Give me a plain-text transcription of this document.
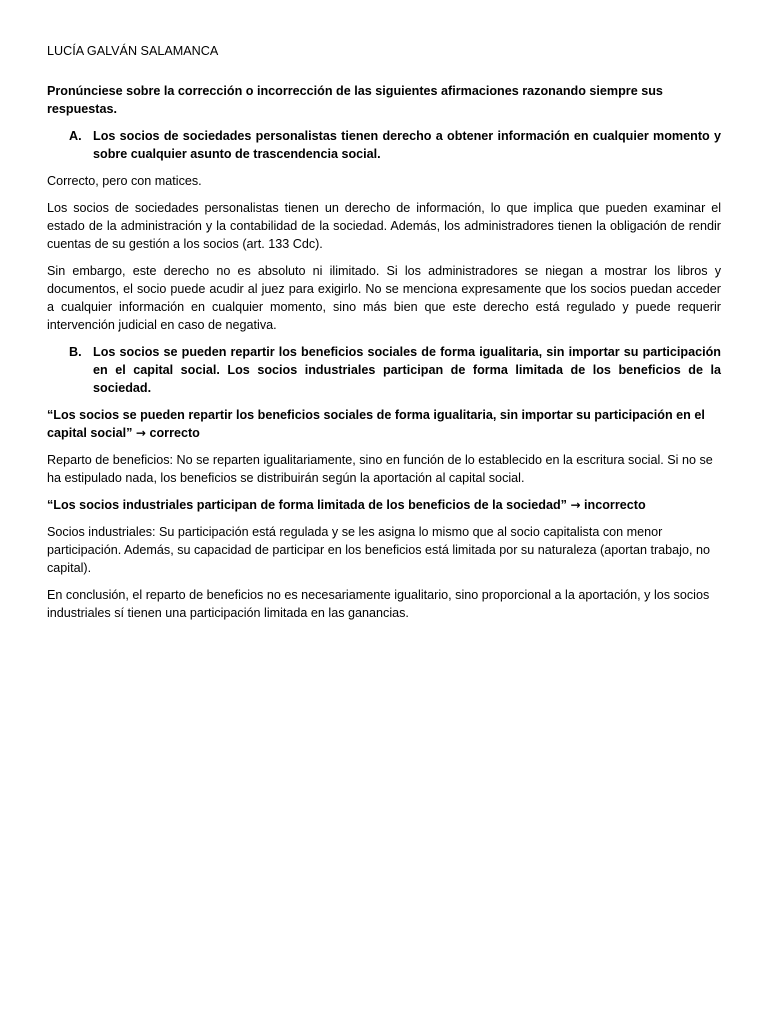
LUCÍA GALVÁN SALAMANCA

Pronúnciese sobre la corrección o incorrección de las siguientes afirmaciones razonando siempre sus respuestas.

A. Los socios de sociedades personalistas tienen derecho a obtener información en cualquier momento y sobre cualquier asunto de trascendencia social.

Correcto, pero con matices.

Los socios de sociedades personalistas tienen un derecho de información, lo que implica que pueden examinar el estado de la administración y la contabilidad de la sociedad. Además, los administradores tienen la obligación de rendir cuentas de su gestión a los socios (art. 133 Cdc).

Sin embargo, este derecho no es absoluto ni ilimitado. Si los administradores se niegan a mostrar los libros y documentos, el socio puede acudir al juez para exigirlo. No se menciona expresamente que los socios puedan acceder a cualquier información en cualquier momento, sino más bien que este derecho está regulado y puede requerir intervención judicial en caso de negativa.

B. Los socios se pueden repartir los beneficios sociales de forma igualitaria, sin importar su participación en el capital social. Los socios industriales participan de forma limitada de los beneficios de la sociedad.

“Los socios se pueden repartir los beneficios sociales de forma igualitaria, sin importar su participación en el capital social” → correcto

Reparto de beneficios: No se reparten igualitariamente, sino en función de lo establecido en la escritura social. Si no se ha estipulado nada, los beneficios se distribuirán según la aportación al capital social.

“Los socios industriales participan de forma limitada de los beneficios de la sociedad” → incorrecto

Socios industriales: Su participación está regulada y se les asigna lo mismo que al socio capitalista con menor participación. Además, su capacidad de participar en los beneficios está limitada por su naturaleza (aportan trabajo, no capital).

En conclusión, el reparto de beneficios no es necesariamente igualitario, sino proporcional a la aportación, y los socios industriales sí tienen una participación limitada en las ganancias.
